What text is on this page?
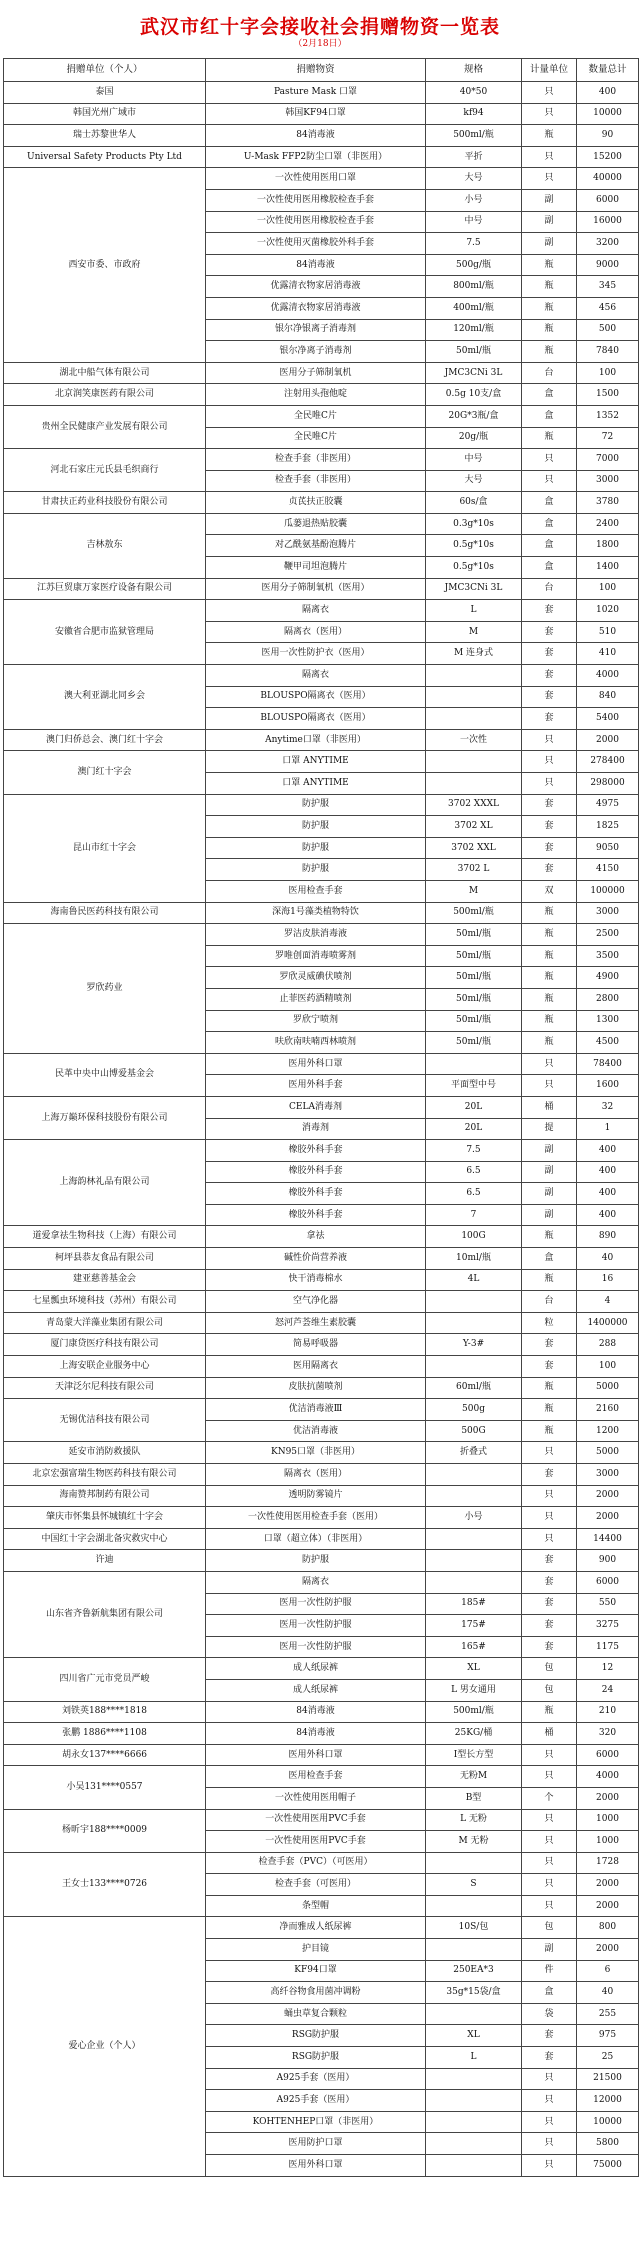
武汉市红十字会接收社会捐赠物资一览表
（2月18日）
捐赠单位（个人）	捐赠物资	规格	计量单位	数量总计
泰国	Pasture Mask 口罩	40*50	只	400
韩国光州广域市	韩国KF94口罩	kf94	只	10000
瑞士苏黎世华人	84消毒液	500ml/瓶	瓶	90
Universal Safety Products Pty Ltd	U-Mask FFP2防尘口罩（非医用）	平折	只	15200
西安市委、市政府	一次性使用医用口罩	大号	只	40000
	一次性使用医用橡胶检查手套	小号	副	6000
	一次性使用医用橡胶检查手套	中号	副	16000
	一次性使用灭菌橡胶外科手套	7.5	副	3200
	84消毒液	500g/瓶	瓶	9000
	优露清衣物家居消毒液	800ml/瓶	瓶	345
	优露清衣物家居消毒液	400ml/瓶	瓶	456
	银尔净银离子消毒剂	120ml/瓶	瓶	500
	银尔净离子消毒剂	50ml/瓶	瓶	7840
湖北中船气体有限公司	医用分子筛制氧机	JMC3CNi 3L	台	100
北京润笑康医药有限公司	注射用头孢他啶	0.5g 10支/盒	盒	1500
贵州全民健康产业发展有限公司	全民唯C片	20G*3瓶/盒	盒	1352
	全民唯C片	20g/瓶	瓶	72
河北石家庄元氏县毛织商行	检查手套（非医用）	中号	只	7000
	检查手套（非医用）	大号	只	3000
甘肃扶正药业科技股份有限公司	贞芪扶正胶囊	60s/盒	盒	3780
吉林敖东	瓜蒌退热贴胶囊	0.3g*10s	盒	2400
	对乙酰氨基酚泡腾片	0.5g*10s	盒	1800
	鞭甲司坦泡腾片	0.5g*10s	盒	1400
江苏巨贸康万家医疗设备有限公司	医用分子筛制氧机（医用）	JMC3CNi 3L	台	100
安徽省合肥市监狱管理局	隔离衣	L	套	1020
	隔离衣（医用）	M	套	510
	医用一次性防护衣（医用）	M 连身式	套	410
澳大利亚湖北同乡会	隔离衣		套	4000
	BLOUSPO隔离衣（医用）		套	840
	BLOUSPO隔离衣（医用）		套	5400
澳门归侨总会、澳门红十字会	Anytime口罩（非医用）	一次性	只	2000
澳门红十字会	口罩 ANYTIME		只	278400
	口罩 ANYTIME		只	298000
昆山市红十字会	防护服	3702 XXXL	套	4975
	防护服	3702 XL	套	1825
	防护服	3702 XXL	套	9050
	防护服	3702 L	套	4150
	医用检查手套	M	双	100000
海南鲁民医药科技有限公司	深海1号藻类植物特饮	500ml/瓶	瓶	3000
罗欣药业	罗洁皮肤消毒液	50ml/瓶	瓶	2500
	罗唯创面消毒喷雾剂	50ml/瓶	瓶	3500
	罗欣灵威碘伏喷剂	50ml/瓶	瓶	4900
	止菲医药酒精喷剂	50ml/瓶	瓶	2800
	罗欣宁喷剂	50ml/瓶	瓶	1300
	呋欣南呋喃西林喷剂	50ml/瓶	瓶	4500
民革中央中山博爱基金会	医用外科口罩		只	78400
	医用外科手套	平面型中号	只	1600
上海万巅环保科技股份有限公司	CELA消毒剂	20L	桶	32
	消毒剂	20L	提	1
上海韵林礼品有限公司	橡胶外科手套	7.5	副	400
	橡胶外科手套	6.5	副	400
	橡胶外科手套	6.5	副	400
	橡胶外科手套	7	副	400
道爱拿祛生物科技（上海）有限公司	拿祛	100G	瓶	890
柯坪县恭友食品有限公司	碱性价尚营养液	10ml/瓶	盒	40
建亚慈善基金会	快干消毒棉水	4L	瓶	16
七星瓢虫环境科技（苏州）有限公司	空气净化器		台	4
青岛蒙大洋藻业集团有限公司	怒河芦荟维生素胶囊		粒	1400000
厦门康贷医疗科技有限公司	简易呼吸器	Y-3#	套	288
上海安联企业服务中心	医用隔离衣		套	100
天津泛尔尼科技有限公司	皮肤抗菌喷剂	60ml/瓶	瓶	5000
无锡优洁科技有限公司	优洁消毒液Ⅲ	500g	瓶	2160
	优洁消毒液	500G	瓶	1200
延安市消防救援队	KN95口罩（非医用）	折叠式	只	5000
北京宏强富瑞生物医药科技有限公司	隔离衣（医用）		套	3000
海南赞邦制药有限公司	透明防雾镜片		只	2000
肇庆市怀集县怀城镇红十字会	一次性使用医用检查手套（医用）	小号	只	2000
中国红十字会湖北备灾救灾中心	口罩（超立体）（非医用）		只	14400
许迪	防护服		套	900
山东省齐鲁新航集团有限公司	隔离衣		套	6000
	医用一次性防护服	185#	套	550
	医用一次性防护服	175#	套	3275
	医用一次性防护服	165#	套	1175
四川省广元市党员严峻	成人纸尿裤	XL	包	12
	成人纸尿裤	L 男女通用	包	24
刘铁英188****1818	84消毒液	500ml/瓶	瓶	210
张鹏 1886****1108	84消毒液	25KG/桶	桶	320
胡永女137****6666	医用外科口罩	Ⅰ型长方型	只	6000
小吴131****0557	医用检查手套	无粉M	只	4000
	一次性使用医用帽子	B型	个	2000
杨昕宇188****0009	一次性使用医用PVC手套	L 无粉	只	1000
	一次性使用医用PVC手套	M 无粉	只	1000
王女士133****0726	检查手套（PVC）（可医用）		只	1728
	检查手套（可医用）	S	只	2000
	条型帽		只	2000
爱心企业（个人）	净而雅成人纸尿裤	10S/包	包	800
	护目镜		副	2000
	KF94口罩	250EA*3	件	6
	高纤谷物食用菌冲调粉	35g*15袋/盒	盒	40
	蛹虫草复合颗粒		袋	255
	RSG防护服	XL	套	975
	RSG防护服	L	套	25
	A925手套（医用）		只	21500
	A925手套（医用）		只	12000
	KOHTENHEP口罩（非医用）		只	10000
	医用防护口罩		只	5800
	医用外科口罩		只	75000
